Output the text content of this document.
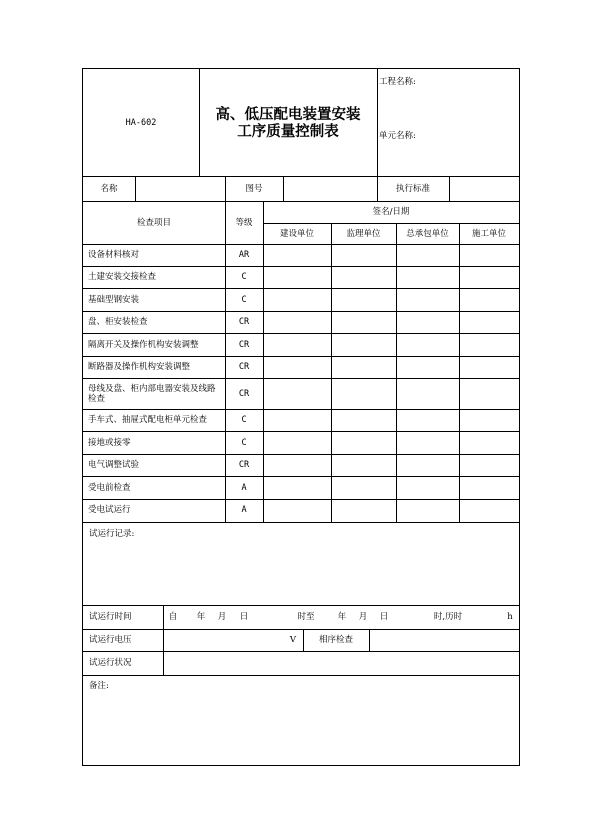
HA-602	高、低压配电装置安装
工序质量控制表
工程名称:
单元名称:
名称	图号	执行标准
检查项目	等级
签名/日期
建设单位	监理单位	总承包单位	施工单位
设备材料核对	AR
土建安装交接检查	C
基础型钢安装	C
盘、柜安装检查	CR
隔离开关及操作机构安装调整	CR
断路器及操作机构安装调整	CR
母线及盘、柜内部电器安装及线路检查	CR
手车式、抽屉式配电柜单元检查	C
接地或接零	C
电气调整试验	CR
受电前检查	A
受电试运行	A
试运行记录:
试运行时间	自	年	月	日	时至	年	月	日	时,历时	h
试运行电压	V	相序检查
试运行状况
备注:
